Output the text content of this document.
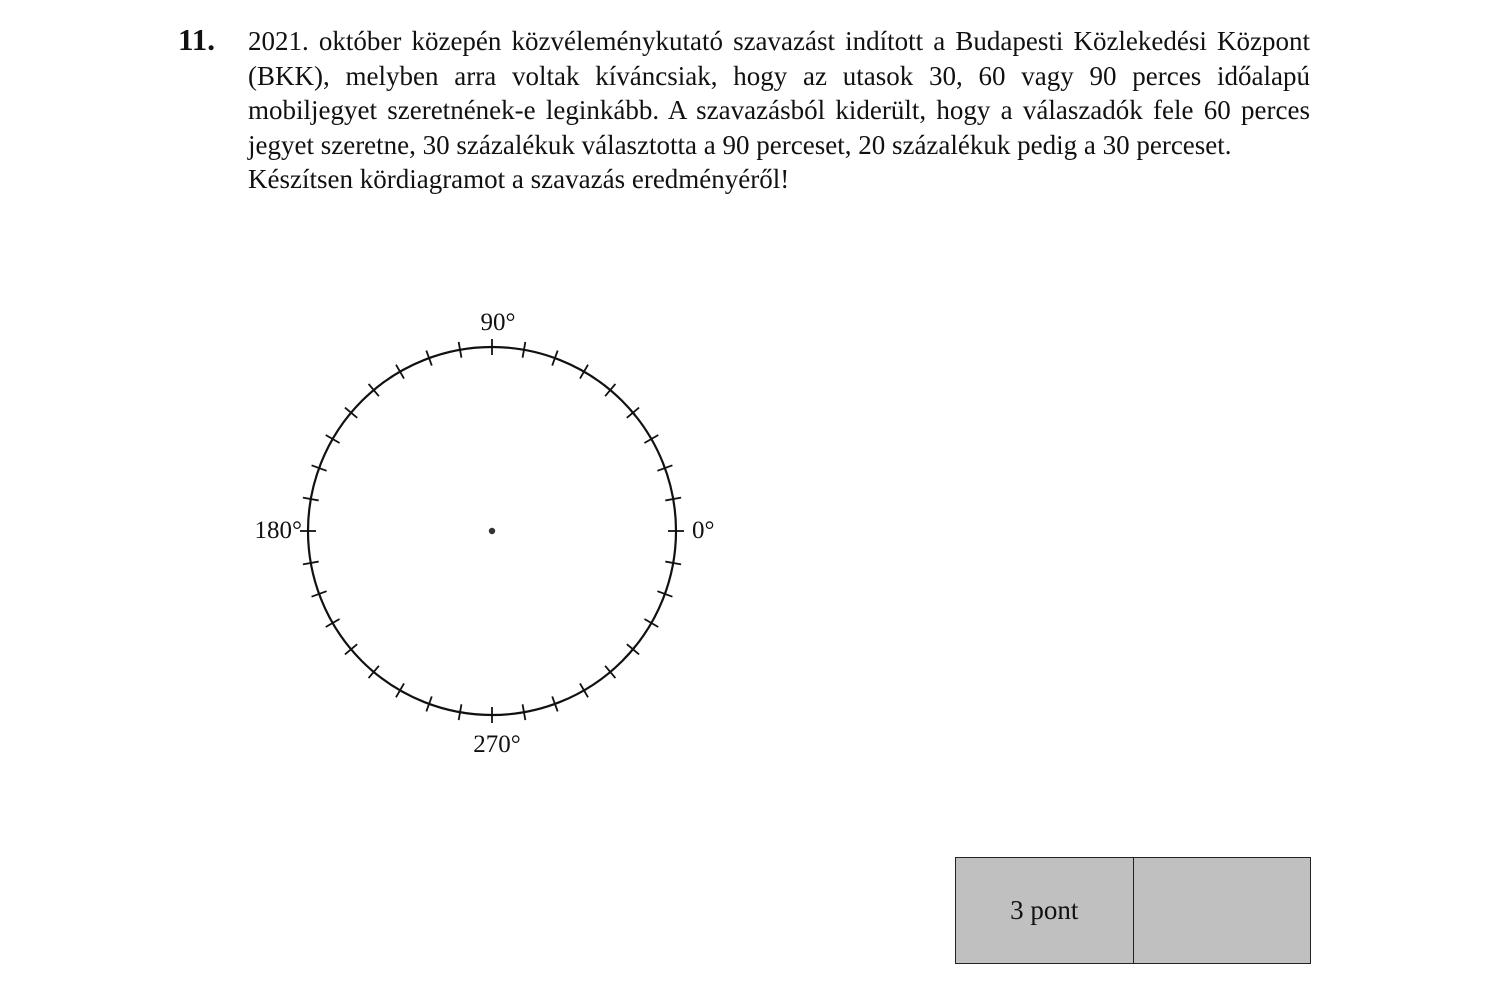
11. 2021. október közepén közvéleménykutató szavazást indított a Budapesti Közlekedési Központ (BKK), melyben arra voltak kíváncsiak, hogy az utasok 30, 60 vagy 90 perces időalapú mobiljegyet szeretnének-e leginkább. A szavazásból kiderült, hogy a válaszadók fele 60 perces jegyet szeretne, 30 százalékuk választotta a 90 perceset, 20 százalékuk pedig a 30 perceset.

Készítsen kördiagramot a szavazás eredményéről!

0°
90°
180°
270°
3 pont
